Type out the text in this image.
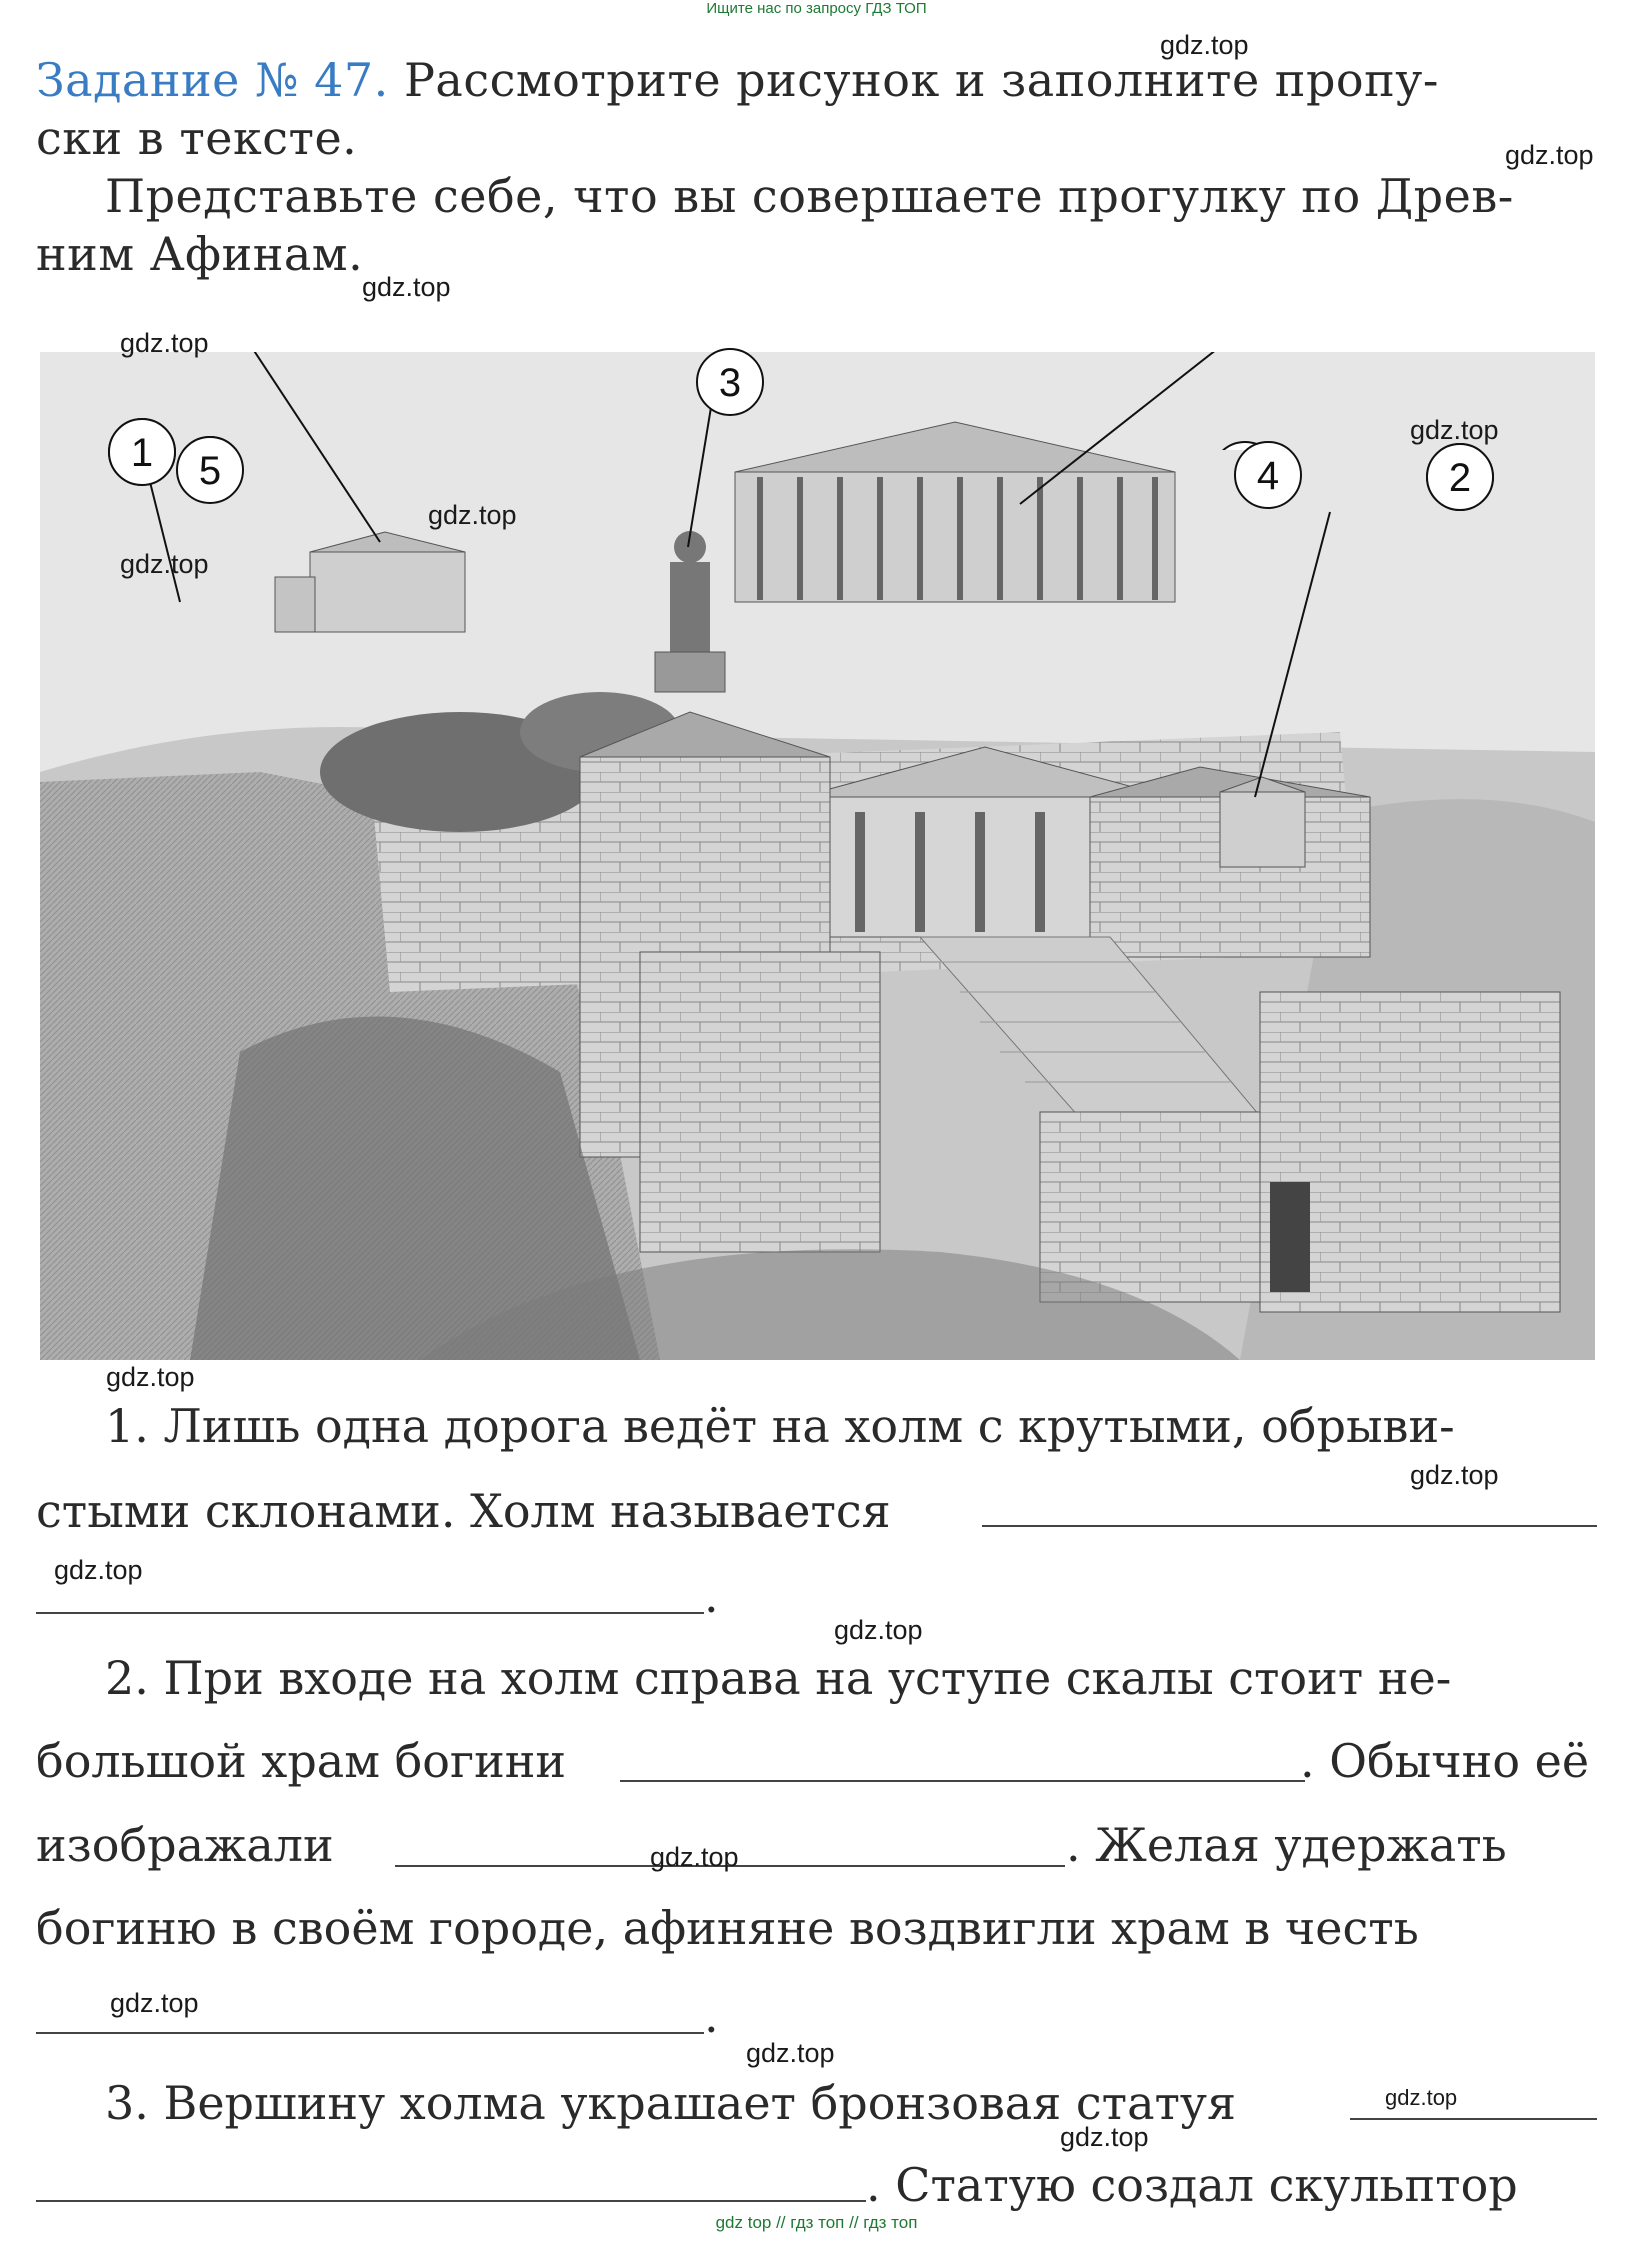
Ищите нас по запросу ГДЗ ТОП
Задание № 47. Рассмотрите рисунок и заполните пропу-
ски в тексте.
Представьте себе, что вы совершаете прогулку по Древ-
ним Афинам.
1
2
3
4
5
1. Лишь одна дорога ведёт на холм с крутыми, обрыви-
стыми склонами. Холм называется
.
2. При входе на холм справа на уступе скалы стоит не-
большой храм богини	. Обычно её
изображали	. Желая удержать
богиню в своём городе, афиняне воздвигли храм в честь
.
3. Вершину холма украшает бронзовая статуя
. Статую создал скульптор
gdz.top
gdz.top
gdz.top
gdz.top
gdz.top
gdz.top
gdz.top
gdz.top
gdz.top
gdz.top
gdz.top
gdz.top
gdz.top
gdz.top
gdz.top
gdz.top
gdz top // гдз топ // гдз топ
